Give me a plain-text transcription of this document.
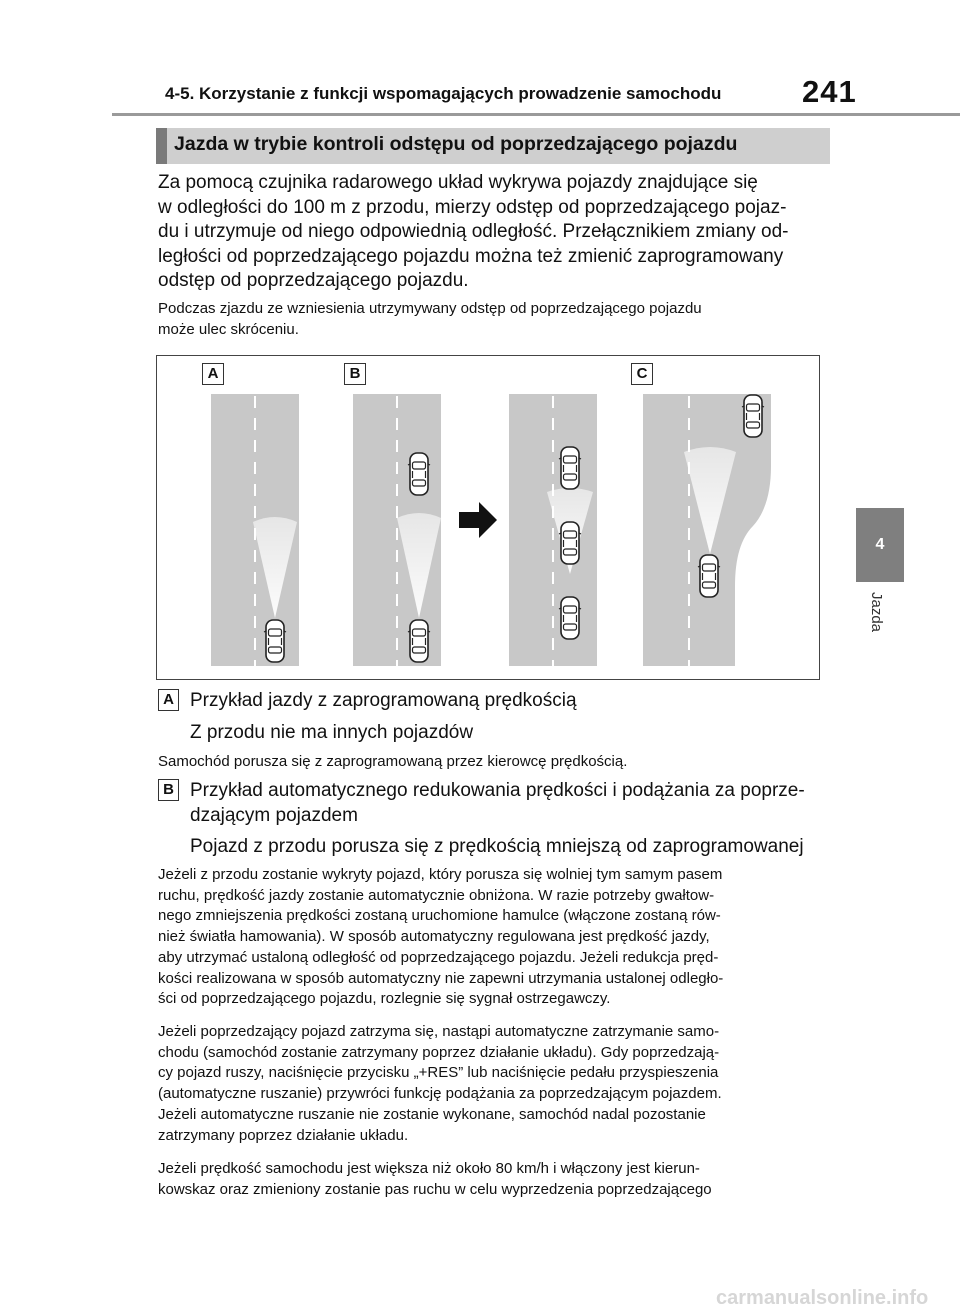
4-5. Korzystanie z funkcji wspomagających prowadzenie samochodu	241
Jazda w trybie kontroli odstępu od poprzedzającego pojazdu
4
Jazda
Za pomocą czujnika radarowego układ wykrywa pojazdy znajdujące się
w odległości do 100 m z przodu, mierzy odstęp od poprzedzającego pojaz-
du i utrzymuje od niego odpowiednią odległość. Przełącznikiem zmiany od-
ległości od poprzedzającego pojazdu można też zmienić zaprogramowany
odstęp od poprzedzającego pojazdu.
Podczas zjazdu ze wzniesienia utrzymywany odstęp od poprzedzającego pojazdu
może ulec skróceniu.
A	B	C
A Przykład jazdy z zaprogramowaną prędkością
Z przodu nie ma innych pojazdów
Samochód porusza się z zaprogramowaną przez kierowcę prędkością.
B Przykład automatycznego redukowania prędkości i podążania za poprze-
dzającym pojazdem
Pojazd z przodu porusza się z prędkością mniejszą od zaprogramowanej
Jeżeli z przodu zostanie wykryty pojazd, który porusza się wolniej tym samym pasem
ruchu, prędkość jazdy zostanie automatycznie obniżona. W razie potrzeby gwałtow-
nego zmniejszenia prędkości zostaną uruchomione hamulce (włączone zostaną rów-
nież światła hamowania). W sposób automatyczny regulowana jest prędkość jazdy,
aby utrzymać ustaloną odległość od poprzedzającego pojazdu. Jeżeli redukcja pręd-
kości realizowana w sposób automatyczny nie zapewni utrzymania ustalonej odległo-
ści od poprzedzającego pojazdu, rozlegnie się sygnał ostrzegawczy.
Jeżeli poprzedzający pojazd zatrzyma się, nastąpi automatyczne zatrzymanie samo-
chodu (samochód zostanie zatrzymany poprzez działanie układu). Gdy poprzedzają-
cy pojazd ruszy, naciśnięcie przycisku „+RES” lub naciśnięcie pedału przyspieszenia
(automatyczne ruszanie) przywróci funkcję podążania za poprzedzającym pojazdem.
Jeżeli automatyczne ruszanie nie zostanie wykonane, samochód nadal pozostanie
zatrzymany poprzez działanie układu.
Jeżeli prędkość samochodu jest większa niż około 80 km/h i włączony jest kierun-
kowskaz oraz zmieniony zostanie pas ruchu w celu wyprzedzenia poprzedzającego
carmanualsonline.info
